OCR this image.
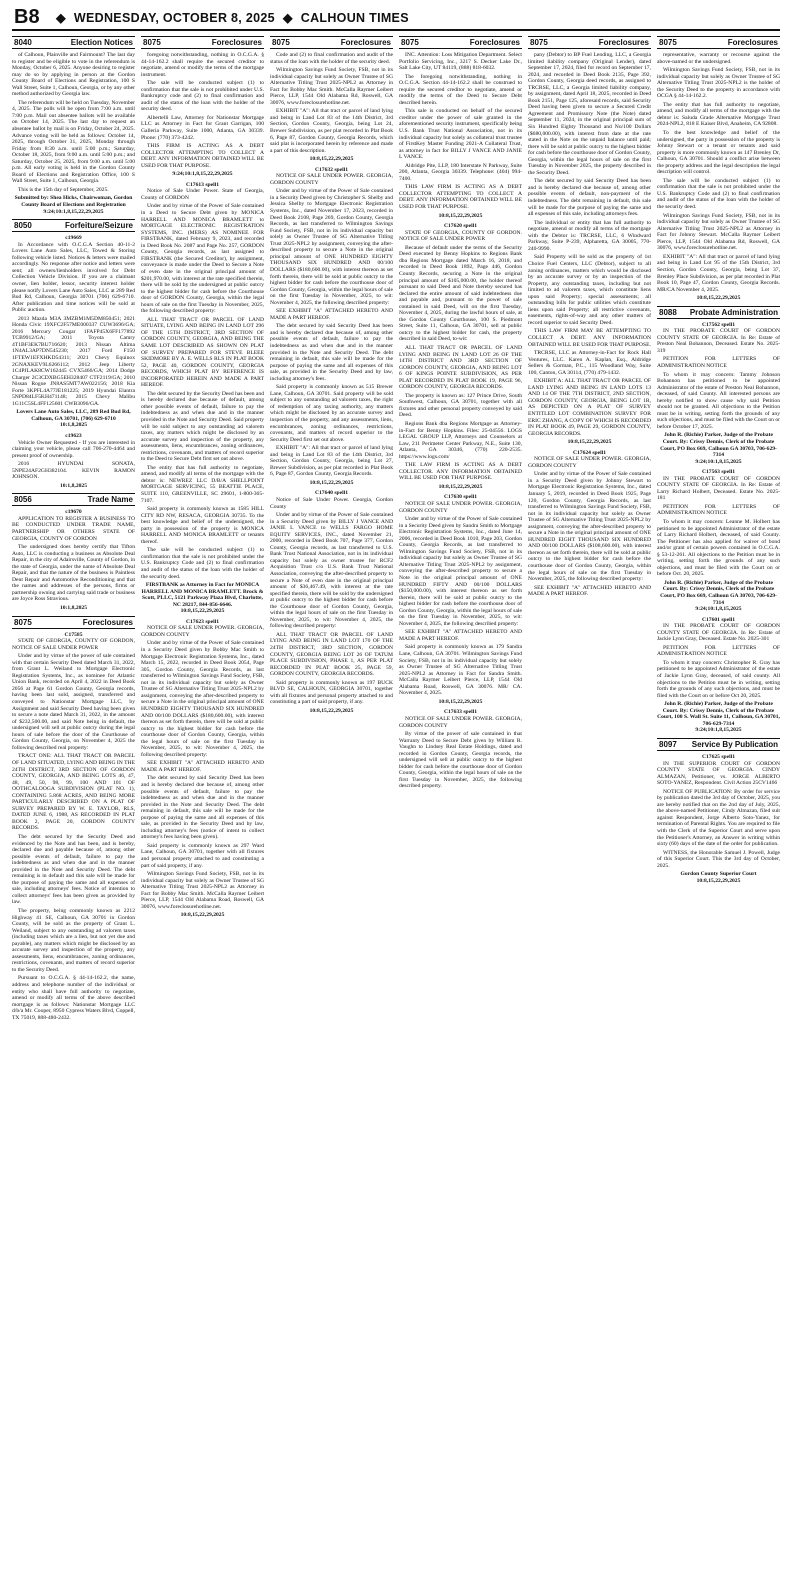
B8	◆ WEDNESDAY, OCTOBER 8, 2025 ◆ CALHOUN TIMES
8040	Election Notices

of Calhoun, Plainville and Fairmount? The last day to register and be eligible to vote in the referendum is Monday, October 6, 2025. Anyone desiring to register may do so by applying in person at the Gordon County Board of Elections and Registration, 100 S Wall Street, Suite 1, Calhoun, Georgia, or by any other method authorized by Georgia law.

The referendum will be held on Tuesday, November 4, 2025. The polls will be open from 7:00 a.m. until 7:00 p.m. Mail out absentee ballots will be available on October 14, 2025. The last day to request an absentee ballot by mail is on Friday, October 24, 2025. Advance voting will be held as follows: October 14, 2025, through October 31, 2025, Monday through Friday from 8:30 a.m. until 5:00 p.m.; Saturday, October 18, 2025, from 9:00 a.m. until 5:00 p.m.; and Saturday, October 25, 2025, from 9:00 a.m. until 5:00 p.m. All early voting is held in the Gordon County Board of Elections and Registration Office, 100 S Wall Street, Suite 1, Calhoun, Georgia.

This is the 15th day of September, 2025.

Submitted by: Shea Hicks, Chairwoman, Gordon County Board of Elections and Registration
9:24;10:1,8,15,22,29,2025
8050	Forfeiture/Seizure
c19669

In Accordance with O.C.G.A Section 40-11-2 Lovers Lane Auto Sales, LLC, Towed & Storing following vehicle listed. Notices & letters were mailed accordingly. No response after notice and letters were sent; all owners/lienholders involved for Debt Collection Vehicle Division. If you are a claimant owner, lien holder, lessor, security interest holder please notify Lovers Lane Auto Sales, LLC at 289 Red Bud Rd, Calhoun, Georgia 30701 (706) 629-6710. After publication and time notices will be sold at Public auction.

2013 Mazda M3A 3MZBM1M5DM850451; 2021 Honda Civic 19XFC2F57ME000337 CUW3696/GA; 2016 Mercury Cougar 1FAFP45X6FF177892 TCB9912/GA; 2011 Toyota Camry 4T1BF3EK7BU716620; 2013 Nissan Altima 1N4AL3AP7DN545230; 2017 Ford F150 1FTEW1EFXHKD54311; 2021 Chevy Equinox 2GNAXKEV9L6266112; 2012 Jeep Liberty 1C4PJLAK8CW162445 CVX5466/GA; 2014 Dodge Charger 2C3CDXBG5EH328407 CTF2119/GA; 2010 Nissan Rogue JN8AS5MT7AW022156; 2018 Kia Forte 3KPFL4A77JE181225; 2019 Hyundai Elantra 5NPD84LF5KH471148; 2015 Chevy Malibu 1G11C5SL4FF125601 CWB3096/GA.

Lovers Lane Auto Sales, LLC, 289 Red Bud Rd, Calhoun, GA 30701, (706) 629-6710
10:1,8,2025
c19623

Vehicle Owner Requested - If you are interested in claiming your vehicle, please call 706-270-4464 and present proof of ownership.

2016 HYUNDAI SONATA, 5NPE24AF2GH382104. KEVIN RAMON JOHNSON.

10:1,8,2025
8056	Trade Name
c19670

APPLICATION TO REGISTER A BUSINESS TO BE CONDUCTED UNDER TRADE NAME, PARTNERSHIP OR OTHERS STATE OF GEORGIA, COUNTY OF GORDON

The undersigned does hereby certify that Tifton Auto, LLC is conducting a business as Absolute Deal Repair, in the city of Adairsville, County of Gordon, in the state of Georgia, under the name of Absolute Deal Repair, and that the nature of the business is Paintless Dent Repair and Automotive Reconditioning and that the names and addresses of the persons, firms or partnership owning and carrying said trade or business are Joyce Ross Stravious.

10:1,8,2025
8075	Foreclosures
C17585

STATE OF GEORGIA, COUNTY OF GORDON, NOTICE OF SALE UNDER POWER

Under and by virtue of the power of sale contained with that certain Security Deed dated March 31, 2022, from Grant L. Weiland to Mortgage Electronic Registration Systems, Inc., as nominee for Atlantic Union Bank, recorded on April 4, 2022 in Deed Book 2056 at Page 61 Gordon County, Georgia records, having been last sold, assigned, transferred and conveyed to Nationstar Mortgage LLC, by Assignment and said Security Deed having been given to secure a note dated March 31, 2022, in the amount of $232,500.00, and said Note being in default, the undersigned will sell at public outcry during the legal hours of sale before the door of the Courthouse of Gordon County, Georgia, on November 4, 2025 the following described real property:

TRACT ONE: ALL THAT TRACT OR PARCEL OF LAND SITUATED, LYING AND BEING IN THE 24TH DISTRICT, 3RD SECTION OF GORDON COUNTY, GEORGIA, AND BEING LOTS 46, 47, 48, 49, 50, 98, 99, 100 AND 101 OF OOTHCALOOGA SUBDIVISION (PLAT NO. 1), CONTAINING 5.868 ACRES, AND BEING MORE PARTICULARLY DESCRIBED ON A PLAT OF SURVEY PREPARED BY W. E. TAYLOR, RLS, DATED JUNE 6, 1988, AS RECORDED IN PLAT BOOK 2, PAGE 20, GORDON COUNTY RECORDS.

The debt secured by the Security Deed and evidenced by the Note and has been, and is hereby, declared due and payable because of, among other possible events of default, failure to pay the indebtedness as and when due and in the manner provided in the Note and Security Deed. The debt remaining is in default and this sale will be made for the purpose of paying the same and all expenses of sale, including attorneys' fees. Notice of intention to collect attorneys' fees has been given as provided by law.

The property, being commonly known as 2212 Highway 41 SE, Calhoun, GA 30701 in Gordon County, will be sold as the property of Grant L. Weiland, subject to any outstanding ad valorem taxes (including taxes which are a lien, but not yet due and payable), any matters which might be disclosed by an accurate survey and inspection of the property, any assessments, liens, encumbrances, zoning ordinances, restrictions, covenants, and matters of record superior to the Security Deed.

Pursuant to O.C.G.A. § 44-14-162.2, the name, address and telephone number of the individual or entity who shall have full authority to negotiate, amend or modify all terms of the above described mortgage is as follows: Nationstar Mortgage LLC d/b/a Mr. Cooper, 8950 Cypress Waters Blvd, Coppell, TX 75019, 888-480-2432.

8075	Foreclosures

foregoing notwithstanding, nothing in O.C.G.A. § 44-14-162.2 shall require the secured creditor to negotiate, amend or modify the terms of the mortgage instrument.

The sale will be conducted subject (1) to confirmation that the sale is not prohibited under U.S. Bankruptcy code and (2) to final confirmation and audit of the status of the loan with the holder of the security deed.

Albertelli Law, Attorney for Nationstar Mortgage LLC as Attorney in Fact for Grant Garrigan, 100 Galleria Parkway, Suite 1000, Atlanta, GA 30339. Phone: (770) 373-4242.

THIS FIRM IS ACTING AS A DEBT COLLECTOR ATTEMPTING TO COLLECT A DEBT. ANY INFORMATION OBTAINED WILL BE USED FOR THAT PURPOSE.

9:24;10:1,8,15,22,29,2025
C17613 spell1

Notice of Sale Under Power. State of Georgia, County of GORDON

Under and by virtue of the Power of Sale contained in a Deed to Secure Debt given by MONICA HARRELL AND MONICA BRAMLETT to MORTGAGE ELECTRONIC REGISTRATION SYSTEMS, INC. (MERS) AS NOMINEE FOR FIRSTBANK, dated February 9, 2023, and recorded in Deed Book No. 2087 and Page No. 257, GORDON County, Georgia records, as last assigned to FIRSTBANK (the Secured Creditor), by assignment, conveyance is made under the Deed to Secure a Note of even date in the original principal amount of $201,970.00, with interest at the rate specified therein, there will be sold by the undersigned at public outcry to the highest bidder for cash before the Courthouse door of GORDON County, Georgia, within the legal hours of sale on the first Tuesday in November, 2025, the following described property:

ALL THAT TRACT OR PARCEL OF LAND SITUATE, LYING AND BEING IN LAND LOT 296 OF THE 15TH DISTRICT, 3RD SECTION OF GORDON COUNTY, GEORGIA, AND BEING THE SAME LOT DESCRIBED AS SHOWN ON PLAT OF SURVEY PREPARED FOR STEVE BLEEE SKIDMORE BY A. E. WELLS RLS IN PLAT BOOK 52, PAGE 40, GORDON COUNTY, GEORGIA RECORDS, WHICH PLAT BY REFERENCE IS INCORPORATED HEREIN AND MADE A PART HEREOF.

The debt secured by the Security Deed has been and is hereby declared due because of default, among other possible events of default, failure to pay the indebtedness as and when due and in the manner provided in the Note and Security Deed. Said property will be sold subject to any outstanding ad valorem taxes, any matters which might be disclosed by an accurate survey and inspection of the property, any assessments, liens, encumbrances, zoning ordinances, restrictions, covenants, and matters of record superior to the Deed to Secure Debt first set out above.

The entity that has full authority to negotiate, amend, and modify all terms of the mortgage with the debtor is: NEWREZ LLC D/B/A SHELLPOINT MORTGAGE SERVICING, 55 BEATTIE PLACE, SUITE 110, GREENVILLE, SC 29601, 1-800-365-7107.

Said property is commonly known as 1585 HILL CITY RD NW, RESACA, GEORGIA 30735. To the best knowledge and belief of the undersigned, the party in possession of the property is MONICA HARRELL AND MONICA BRAMLETT or tenants thereof.

The sale will be conducted subject (1) to confirmation that the sale is not prohibited under the U.S. Bankruptcy Code and (2) to final confirmation and audit of the status of the loan with the holder of the security deed.

FIRSTBANK as Attorney in Fact for MONICA HARRELL AND MONICA BRAMLETT. Brock & Scott, PLLC, 5121 Parkway Plaza Blvd, Charlotte, NC 28217, 844-856-6646.
10:8,15,22,29,2025
C17623 spell1

NOTICE OF SALE UNDER POWER. GEORGIA, GORDON COUNTY

Under and by virtue of the Power of Sale contained in a Security Deed given by Bobby Mac Smith to Mortgage Electronic Registration Systems, Inc., dated March 15, 2022, recorded in Deed Book 2054, Page 305, Gordon County, Georgia Records, as last transferred to Wilmington Savings Fund Society, FSB, not in its individual capacity but solely as Owner Trustee of SG Alternative Titling Trust 2025-NPL2 by assignment, conveying the after-described property to secure a Note in the original principal amount of ONE HUNDRED EIGHTY THOUSAND SIX HUNDRED AND 00/100 DOLLARS ($180,600.00), with interest thereon as set forth therein, there will be sold at public outcry to the highest bidder for cash before the courthouse door of Gordon County, Georgia, within the legal hours of sale on the first Tuesday in November, 2025, to wit: November 4, 2025, the following described property:

SEE EXHIBIT "A" ATTACHED HERETO AND MADE A PART HEREOF.

The debt secured by said Security Deed has been and is hereby declared due because of, among other possible events of default, failure to pay the indebtedness as and when due and in the manner provided in the Note and Security Deed. The debt remaining in default, this sale will be made for the purpose of paying the same and all expenses of this sale, as provided in the Security Deed and by law, including attorney's fees (notice of intent to collect attorney's fees having been given).

Said property is commonly known as 297 Ward Lane, Calhoun, GA 30701, together with all fixtures and personal property attached to and constituting a part of said property, if any.

Wilmington Savings Fund Society, FSB, not in its individual capacity but solely as Owner Trustee of SG Alternative Titling Trust 2025-NPL2 as Attorney in Fact for Bobby Mac Smith. McCalla Raymer Leibert Pierce, LLP, 1544 Old Alabama Road, Roswell, GA 30076, www.foreclosurehotline.net.

10:8,15,22,29,2025
8075	Foreclosures

Code and (2) to final confirmation and audit of the status of the loan with the holder of the security deed.

Wilmington Savings Fund Society, FSB, not in its individual capacity but solely as Owner Trustee of SG Alternative Titling Trust 2025-NPL2 as Attorney in Fact for Bobby Mac Smith. McCalla Raymer Leibert Pierce, LLP, 1544 Old Alabama Rd, Roswell, GA 30076, www.foreclosurehotline.net.

EXHIBIT "A": All that tract or parcel of land lying and being in Land Lot 83 of the 14th District, 3rd Section, Gordon County, Georgia, being Lot 24, Brewer Subdivision, as per plat recorded in Plat Book 6, Page 87, Gordon County, Georgia Records, which said plat is incorporated herein by reference and made a part of this description.

10:8,15,22,29,2025
C17632 spell1

NOTICE OF SALE UNDER POWER. GEORGIA, GORDON COUNTY

Under and by virtue of the Power of Sale contained in a Security Deed given by Christopher S. Shelby and Jessica Shelby to Mortgage Electronic Registration Systems, Inc., dated November 17, 2023, recorded in Deed Book 2108, Page 269, Gordon County, Georgia Records, as last transferred to Wilmington Savings Fund Society, FSB, not in its individual capacity but solely as Owner Trustee of SG Alternative Titling Trust 2025-NPL2 by assignment, conveying the after-described property to secure a Note in the original principal amount of ONE HUNDRED EIGHTY THOUSAND SIX HUNDRED AND 00/100 DOLLARS ($180,600.00), with interest thereon as set forth therein, there will be sold at public outcry to the highest bidder for cash before the courthouse door of Gordon County, Georgia, within the legal hours of sale on the first Tuesday in November, 2025, to wit: November 4, 2025, the following described property:

SEE EXHIBIT "A" ATTACHED HERETO AND MADE A PART HEREOF.

The debt secured by said Security Deed has been and is hereby declared due because of, among other possible events of default, failure to pay the indebtedness as and when due and in the manner provided in the Note and Security Deed. The debt remaining in default, this sale will be made for the purpose of paying the same and all expenses of this sale, as provided in the Security Deed and by law, including attorney's fees.

Said property is commonly known as 515 Brewer Lane, Calhoun, GA 30701. Said property will be sold subject to any outstanding ad valorem taxes, the right of redemption of any taxing authority, any matters which might be disclosed by an accurate survey and inspection of the property, and any assessments, liens, encumbrances, zoning ordinances, restrictions, covenants, and matters of record superior to the Security Deed first set out above.

EXHIBIT "A": All that tract or parcel of land lying and being in Land Lot 83 of the 14th District, 3rd Section, Gordon County, Georgia, being Lot 27, Brewer Subdivision, as per plat recorded in Plat Book 6, Page 87, Gordon County, Georgia Records.

10:8,15,22,29,2025
C17640 spell1

Notice of Sale Under Power. Georgia, Gordon County

Under and by virtue of the Power of Sale contained in a Security Deed given by BILLY J VANCE AND JANIE L VANCE to WELLS FARGO HOME EQUITY SERVICES, INC., dated November 21, 2000, recorded in Deed Book 707, Page 377, Gordon County, Georgia records, as last transferred to U.S. Bank Trust National Association, not in its individual capacity but solely as owner trustee for RCF2 Acquisition Trust c/o U.S. Bank Trust National Association, conveying the after-described property to secure a Note of even date in the original principal amount of $36,467.49, with interest at the rate specified therein, there will be sold by the undersigned at public outcry to the highest bidder for cash before the Courthouse door of Gordon County, Georgia, within the legal hours of sale on the first Tuesday in November, 2025, to wit: November 4, 2025, the following described property:

ALL THAT TRACT OR PARCEL OF LAND LYING AND BEING IN LAND LOT 170 OF THE 24TH DISTRICT, 3RD SECTION, GORDON COUNTY, GEORGIA BEING LOT 26 OF TATUM PLACE SUBDIVISION, PHASE 1, AS PER PLAT RECORDED IN PLAT BOOK 25, PAGE 59, GORDON COUNTY, GEORGIA RECORDS.

Said property is commonly known as 197 BUCK BLVD SE, CALHOUN, GEORGIA 30701, together with all fixtures and personal property attached to and constituting a part of said property, if any.

10:8,15,22,29,2025
8075	Foreclosures

INC. Attention: Loss Mitigation Department. Select Portfolio Servicing, Inc., 3217 S. Decker Lake Dr., Salt Lake City, UT 84119, (888) 818-6032.

The foregoing notwithstanding, nothing in O.C.G.A. Section 44-14-162.2 shall be construed to require the secured creditor to negotiate, amend or modify the terms of the Deed to Secure Debt described herein.

This sale is conducted on behalf of the secured creditor under the power of sale granted in the aforementioned security instrument, specifically being U.S. Bank Trust National Association, not in its individual capacity but solely as collateral trust trustee of FirstKey Master Funding 2021-A Collateral Trust, as attorney in fact for BILLY J VANCE AND JANIE L VANCE.

Aldridge Pite, LLP, 180 Interstate N Parkway, Suite 200, Atlanta, Georgia 30339. Telephone: (404) 994-7400.

THIS LAW FIRM IS ACTING AS A DEBT COLLECTOR ATTEMPTING TO COLLECT A DEBT. ANY INFORMATION OBTAINED WILL BE USED FOR THAT PURPOSE.

10:8,15,22,29,2025
C17620 spell1

STATE OF GEORGIA, COUNTY OF GORDON. NOTICE OF SALE UNDER POWER

Because of default under the terms of the Security Deed executed by Benny Hopkins to Regions Bank dba Regions Mortgage dated March 16, 2018, and recorded in Deed Book 1892, Page 446, Gordon County Records, securing a Note in the original principal amount of $105,000.00, the holder thereof pursuant to said Deed and Note thereby secured has declared the entire amount of said indebtedness due and payable and, pursuant to the power of sale contained in said Deed, will on the first Tuesday, November 4, 2025, during the lawful hours of sale, at the Gordon County Courthouse, 100 S. Piedmont Street, Suite 11, Calhoun, GA 30701, sell at public outcry to the highest bidder for cash, the property described in said Deed, to-wit:

ALL THAT TRACT OR PARCEL OF LAND LYING AND BEING IN LAND LOT 26 OF THE 14TH DISTRICT AND 3RD SECTION OF GORDON COUNTY, GEORGIA, AND BEING LOT 6 OF KINGS POINTE SUBDIVISION, AS PER PLAT RECORDED IN PLAT BOOK 19, PAGE 96, GORDON COUNTY, GEORGIA RECORDS.

The property is known as: 127 Prince Drive, South Southwest, Calhoun, GA 30701, together with all fixtures and other personal property conveyed by said Deed.

Regions Bank dba Regions Mortgage as Attorney-in-Fact for Benny Hopkins. Files: 25-04556. LOGS LEGAL GROUP LLP, Attorneys and Counselors at Law, 211 Perimeter Center Parkway, N.E., Suite 130, Atlanta, GA 30346, (770) 220-2535. https://www.logs.com/

THE LAW FIRM IS ACTING AS A DEBT COLLECTOR. ANY INFORMATION OBTAINED WILL BE USED FOR THAT PURPOSE.

10:8,15,22,29,2025
C17630 spell1

NOTICE OF SALE UNDER POWER. GEORGIA, GORDON COUNTY

Under and by virtue of the Power of Sale contained in a Security Deed given by Sandra Smith to Mortgage Electronic Registration Systems, Inc., dated June 14, 2006, recorded in Deed Book 1010, Page 203, Gordon County, Georgia Records, as last transferred to Wilmington Savings Fund Society, FSB, not in its individual capacity but solely as Owner Trustee of SG Alternative Titling Trust 2025-NPL2 by assignment, conveying the after-described property to secure a Note in the original principal amount of ONE HUNDRED FIFTY AND 00/100 DOLLARS ($150,000.00), with interest thereon as set forth therein, there will be sold at public outcry to the highest bidder for cash before the courthouse door of Gordon County, Georgia, within the legal hours of sale on the first Tuesday in November, 2025, to wit: November 4, 2025, the following described property:

SEE EXHIBIT "A" ATTACHED HERETO AND MADE A PART HEREOF.

Said property is commonly known as 179 Sandra Lane, Calhoun, GA 30701. Wilmington Savings Fund Society, FSB, not in its individual capacity but solely as Owner Trustee of SG Alternative Titling Trust 2025-NPL2 as Attorney in Fact for Sandra Smith. McCalla Raymer Leibert Pierce, LLP, 1544 Old Alabama Road, Roswell, GA 30076. MR/ CA. November 4, 2025.

10:8,15,22,29,2025
C17633 spell1

NOTICE OF SALE UNDER POWER. GEORGIA, GORDON COUNTY

By virtue of the power of sale contained in that Warranty Deed to Secure Debt given by William R. Vaughn to Lindsey Real Estate Holdings, dated and recorded in Gordon County, Georgia records, the undersigned will sell at public outcry to the highest bidder for cash before the courthouse door of Gordon County, Georgia, within the legal hours of sale on the first Tuesday in November, 2025, the following described property.

8075	Foreclosures

pany (Debtor) to BP Fuel Lending, LLC, a Georgia limited liability company (Original Lender), dated September 17, 2024, filed for record on September 17, 2024, and recorded in Deed Book 2135, Page 392, Gordon County, Georgia deed records, as assigned to TRCRSE, LLC, a Georgia limited liability company, by assignment, dated April 18, 2025, recorded in Deed Book 2151, Page 125, aforesaid records, said Security Deed having been given to secure a Secured Credit Agreement and Promissory Note (the Note) dated September 11, 2024, in the original principal sum of Six Hundred Eighty Thousand and No/100 Dollars ($680,000.00), with interest from date at the rate stated in the Note on the unpaid balance until paid; there will be sold at public outcry to the highest bidder for cash before the courthouse door of Gordon County, Georgia, within the legal hours of sale on the first Tuesday in November 2025, the property described in the Security Deed.

The debt secured by said Security Deed has been and is hereby declared due because of, among other possible events of default, non-payment of the indebtedness. The debt remaining in default, this sale will be made for the purpose of paying the same and all expenses of this sale, including attorneys fees.

The individual or entity that has full authority to negotiate, amend or modify all terms of the mortgage with the Debtor is: TRCRSE, LLC, 6 Windward Parkway, Suite P-239, Alpharetta, GA 30005, 770-240-9990.

Said Property will be sold as the property of 1st Choice Fuel Centers, LLC (Debtor), subject to all zoning ordinances, matters which would be disclosed by an accurate survey or by an inspection of the Property, any outstanding taxes, including but not limited to ad valorem taxes, which constitute liens upon said Property; special assessments; all outstanding bills for public utilities which constitute liens upon said Property; all restrictive covenants, easements, rights-of-way and any other matters of record superior to said Security Deed.

THIS LAW FIRM MAY BE ATTEMPTING TO COLLECT A DEBT. ANY INFORMATION OBTAINED WILL BE USED FOR THAT PURPOSE.

TRCRSE, LLC as Attorney-in-Fact for Rock Hall Ventures, LLC. Karen A. Kaplan, Esq., Aldridge Sellers & Gorman, P.C., 115 Woodland Way, Suite 100, Canton, GA 30114, (770) 479-1432.

EXHIBIT A: ALL THAT TRACT OR PARCEL OF LAND LYING AND BEING IN LAND LOTS 13 AND 14 OF THE 7TH DISTRICT, 2ND SECTION, GORDON COUNTY, GEORGIA, BEING LOT 1R, AS DEPICTED ON A PLAT OF SURVEY ENTITLED LOT COMBINATION SURVEY FOR ERIC ZHANG, A COPY OF WHICH IS RECORDED IN PLAT BOOK 49, PAGE 29, GORDON COUNTY, GEORGIA RECORDS.

10:8,15,22,29,2025
C17624 spell1

NOTICE OF SALE UNDER POWER. GEORGIA, GORDON COUNTY

Under and by virtue of the Power of Sale contained in a Security Deed given by Johnny Stewart to Mortgage Electronic Registration Systems, Inc., dated January 5, 2019, recorded in Deed Book 1925, Page 120, Gordon County, Georgia Records, as last transferred to Wilmington Savings Fund Society, FSB, not in its individual capacity but solely as Owner Trustee of SG Alternative Titling Trust 2025-NPL2 by assignment, conveying the after-described property to secure a Note in the original principal amount of ONE HUNDRED EIGHT THOUSAND SIX HUNDRED AND 00/100 DOLLARS ($108,600.00), with interest thereon as set forth therein, there will be sold at public outcry to the highest bidder for cash before the courthouse door of Gordon County, Georgia, within the legal hours of sale on the first Tuesday in November, 2025, the following described property:

SEE EXHIBIT "A" ATTACHED HERETO AND MADE A PART HEREOF.

8075	Foreclosures

representative, warranty or recourse against the above-named or the undersigned.

Wilmington Savings Fund Society, FSB, not in its individual capacity but solely as Owner Trustee of SG Alternative Titling Trust 2025-NPL2 is the holder of the Security Deed to the property in accordance with OCGA § 44-14-162.2.

The entity that has full authority to negotiate, amend, and modify all terms of the mortgage with the debtor is: Saluda Grade Alternative Mortgage Trust 2024-NPL2, 818 E Kaiser Blvd, Anaheim, CA 92808.

To the best knowledge and belief of the undersigned, the party in possession of the property is Johnny Stewart or a tenant or tenants and said property is more commonly known as 147 Brenley Dr, Calhoun, GA 30701. Should a conflict arise between the property address and the legal description the legal description will control.

The sale will be conducted subject (1) to confirmation that the sale is not prohibited under the U.S. Bankruptcy Code and (2) to final confirmation and audit of the status of the loan with the holder of the security deed.

Wilmington Savings Fund Society, FSB, not in its individual capacity but solely as Owner Trustee of SG Alternative Titling Trust 2025-NPL2 as Attorney in Fact for Johnny Stewart. McCalla Raymer Leibert Pierce, LLP, 1544 Old Alabama Rd, Roswell, GA 30076, www.foreclosurehotline.net.

EXHIBIT "A": All that tract or parcel of land lying and being in Land Lot 95 of the 15th District, 3rd Section, Gordon County, Georgia, being Lot 37, Brenley Place Subdivision, as per plat recorded in Plat Book 10, Page 47, Gordon County, Georgia Records. MR/CA November 4, 2025.

10:8,15,22,29,2025
8088 Probate Administration
C17562 spell1

IN THE PROBATE COURT OF GORDON COUNTY STATE OF GEORGIA. In Re: Estate of Preston Neal Bohannon, Deceased. Estate No. 2025-319

PETITION FOR LETTERS OF ADMINISTRATION NOTICE

To whom it may concern: Tammy Johnson Bohannon has petitioned to be appointed Administrator of the estate of Preston Neal Bohannon, deceased, of said County. All interested persons are hereby notified to show cause why said Petition should not be granted. All objections to the Petition must be in writing, setting forth the grounds of any such objections, and must be filed with the Court on or before October 17, 2025.

John R. (Richie) Parker, Judge of the Probate Court. By: Crissy Dennis, Clerk of the Probate Court, PO Box 669, Calhoun GA 30703, 706-629-7314
9:24;10:1,8,15,2025
C17563 spell1

IN THE PROBATE COURT OF GORDON COUNTY STATE OF GEORGIA. In Re: Estate of Larry Richard Holbert, Deceased. Estate No. 2025-181

PETITION FOR LETTERS OF ADMINISTRATION NOTICE

To whom it may concern: Leanne M. Holbert has petitioned to be appointed Administrator of the estate of Larry Richard Holbert, deceased, of said County. The Petitioner has also applied for waiver of bond and/or grant of certain powers contained in O.C.G.A. § 53-12-261. All objections to the Petition must be in writing, setting forth the grounds of any such objections, and must be filed with the Court on or before Oct. 20, 2025.

John R. (Richie) Parker, Judge of the Probate Court. By: Crissy Dennis, Clerk of the Probate Court, PO Box 669, Calhoun GA 30703, 706-629-7314
9:24;10:1,8,15,2025
C17601 spell1

IN THE PROBATE COURT OF GORDON COUNTY STATE OF GEORGIA. In Re: Estate of Jackie Lynn Gray, Deceased. Estate No. 2025-301

PETITION FOR LETTERS OF ADMINISTRATION NOTICE

To whom it may concern: Christopher R. Gray has petitioned to be appointed Administrator of the estate of Jackie Lynn Gray, deceased, of said county. All objections to the Petition must be in writing, setting forth the grounds of any such objections, and must be filed with the Court on or before Oct 20, 2025.

John R. (Richie) Parker, Judge of the Probate Court. By: Crissy Dennis, Clerk of the Probate Court, 100 S. Wall St. Suite 11, Calhoun, GA 30701, 706-629-7314
9:24;10:1,8,15,2025
8097 Service By Publication
C17625 spell1

IN THE SUPERIOR COURT OF GORDON COUNTY STATE OF GEORGIA. CINDY ALMAZAN, Petitioner, vs. JORGE ALBERTO SOTO-YANEZ, Respondent. Civil Action 25CV1466

NOTICE OF PUBLICATION: By order for service by publication dated the 3rd day of October, 2025, you are hereby notified that on the 2nd day of July, 2025, the above-named Petitioner, Cindy Almazan, filed suit against Respondent, Jorge Alberto Soto-Yanez, for termination of Parental Rights. You are required to file with the Clerk of the Superior Court and serve upon the Petitioner's Attorney, an Answer in writing within sixty (60) days of the date of the order for publication.

WITNESS, the Honorable Samuel J. Powell, Judge of this Superior Court. This the 3rd day of October, 2025.

Gordon County Superior Court
10:8,15,22,29,2025
